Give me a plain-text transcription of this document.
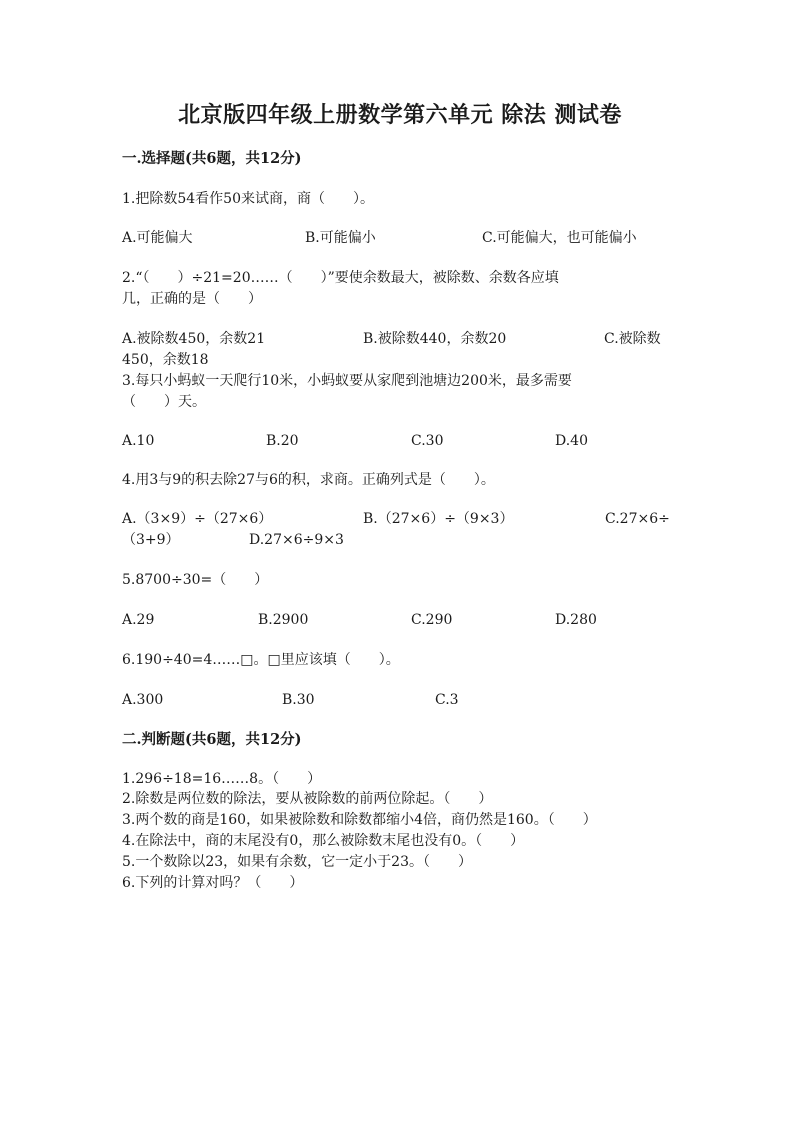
北京版四年级上册数学第六单元 除法 测试卷
一.选择题(共6题，共12分)
1.把除数54看作50来试商，商（　　）。
A.可能偏大	B.可能偏小	C.可能偏大，也可能偏小
2.“（　　）÷21=20……（　　）”要使余数最大，被除数、余数各应填
几，正确的是（　　）
A.被除数450，余数21	B.被除数440，余数20	C.被除数
450，余数18
3.每只小蚂蚁一天爬行10米，小蚂蚁要从家爬到池塘边200米，最多需要
（　　）天。
A.10	B.20	C.30	D.40
4.用3与9的积去除27与6的积，求商。正确列式是（　　）。
A.（3×9）÷（27×6）	B.（27×6）÷（9×3）	C.27×6÷
（3+9）	D.27×6÷9×3
5.8700÷30=（　　）
A.29	B.2900	C.290	D.280
6.190÷40=4……□。□里应该填（　　）。
A.300	B.30	C.3
二.判断题(共6题，共12分)
1.296÷18=16……8。（　　）
2.除数是两位数的除法，要从被除数的前两位除起。（　　）
3.两个数的商是160，如果被除数和除数都缩小4倍，商仍然是160。（　　）
4.在除法中，商的末尾没有0，那么被除数末尾也没有0。（　　）
5.一个数除以23，如果有余数，它一定小于23。（　　）
6.下列的计算对吗？（　　）
